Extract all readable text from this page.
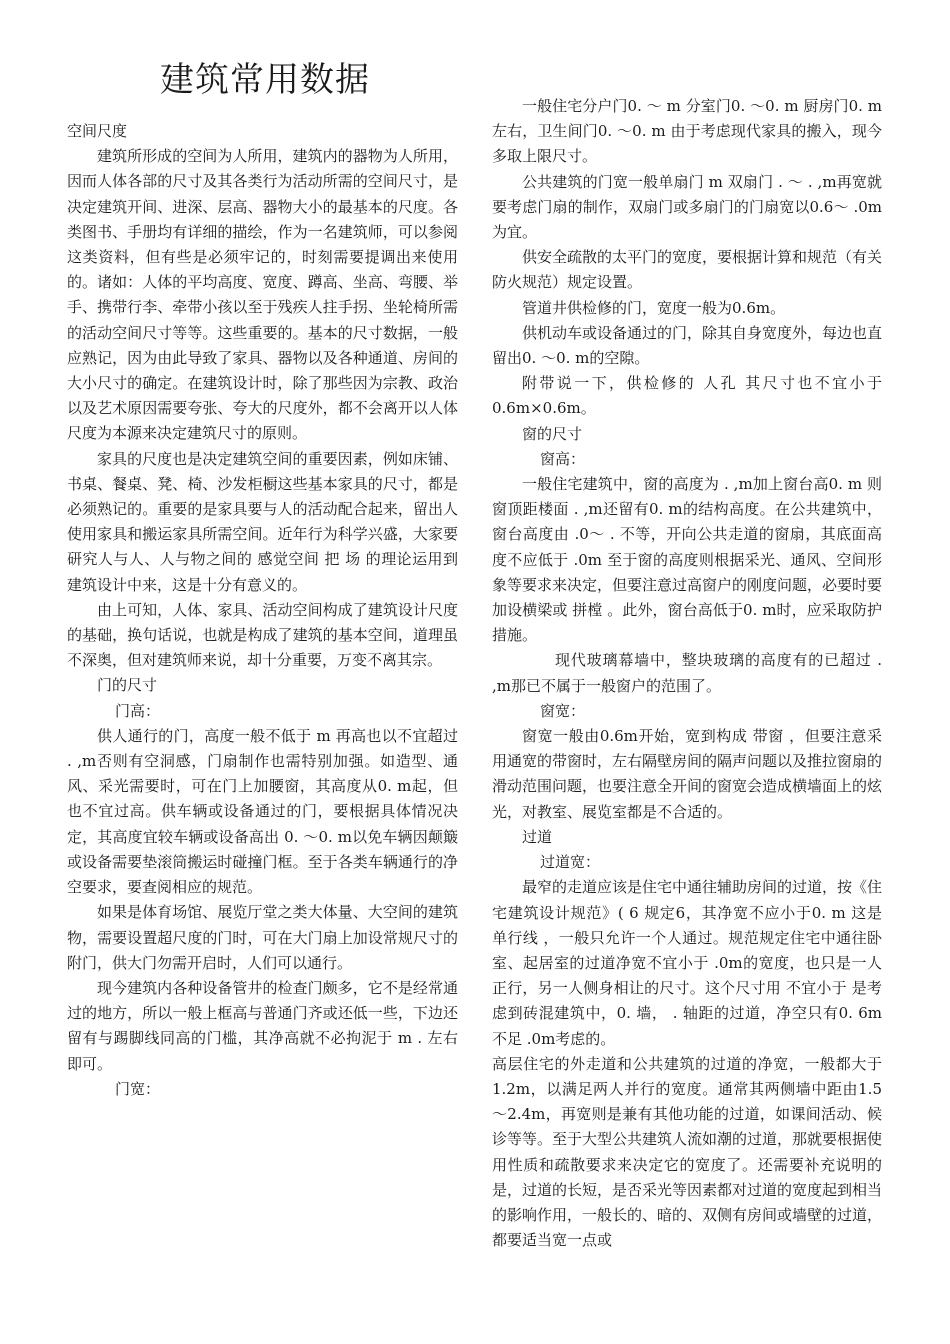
建筑常用数据

空间尺度

建筑所形成的空间为人所用，建筑内的器物为人所用，因而人体各部的尺寸及其各类行为活动所需的空间尺寸，是决定建筑开间、进深、层高、器物大小的最基本的尺度。各类图书、手册均有详细的描绘，作为一名建筑师，可以参阅这类资料，但有些是必须牢记的，时刻需要提调出来使用的。诸如：人体的平均高度、宽度、蹲高、坐高、弯腰、举手、携带行李、牵带小孩以至于残疾人拄手拐、坐轮椅所需的活动空间尺寸等等。这些重要的。基本的尺寸数据，一般应熟记，因为由此导致了家具、器物以及各种通道、房间的大小尺寸的确定。在建筑设计时，除了那些因为宗教、政治以及艺术原因需要夸张、夸大的尺度外，都不会离开以人体尺度为本源来决定建筑尺寸的原则。

家具的尺度也是决定建筑空间的重要因素，例如床铺、书桌、餐桌、凳、椅、沙发柜橱这些基本家具的尺寸，都是必须熟记的。重要的是家具要与人的活动配合起来，留出人使用家具和搬运家具所需空间。近年行为科学兴盛，大家要研究人与人、人与物之间的 感觉空间 把 场 的理论运用到建筑设计中来，这是十分有意义的。

由上可知，人体、家具、活动空间构成了建筑设计尺度的基础，换句话说，也就是构成了建筑的基本空间，道理虽不深奥，但对建筑师来说，却十分重要，万变不离其宗。

门的尺寸

门高：

供人通行的门，高度一般不低于 m 再高也以不宜超过 . ,m否则有空洞感，门扇制作也需特别加强。如造型、通风、采光需要时，可在门上加腰窗，其高度从0. m起，但也不宜过高。供车辆或设备通过的门，要根据具体情况决定，其高度宜较车辆或设备高出 0. ～0. m以免车辆因颠簸或设备需要垫滚筒搬运时碰撞门框。至于各类车辆通行的净空要求，要查阅相应的规范。

如果是体育场馆、展览厅堂之类大体量、大空间的建筑物，需要设置超尺度的门时，可在大门扇上加设常规尺寸的附门，供大门勿需开启时，人们可以通行。

现今建筑内各种设备管井的检查门颇多，它不是经常通过的地方，所以一般上框高与普通门齐或还低一些，下边还留有与踢脚线同高的门槛，其净高就不必拘泥于 m . 左右即可。

门宽：

一般住宅分户门0. ～ m 分室门0. ～0. m 厨房门0. m左右，卫生间门0. ～0. m 由于考虑现代家具的搬入，现今多取上限尺寸。

公共建筑的门宽一般单扇门 m 双扇门 . ～ . ,m再宽就要考虑门扇的制作，双扇门或多扇门的门扇宽以0.6～ .0m为宜。

供安全疏散的太平门的宽度，要根据计算和规范（有关防火规范）规定设置。

管道井供检修的门，宽度一般为0.6m。

供机动车或设备通过的门，除其自身宽度外，每边也直留出0. ～0. m的空隙。

附带说一下，供检修的 人孔 其尺寸也不宜小于0.6m×0.6m。

窗的尺寸

窗高：

一般住宅建筑中，窗的高度为 . ,m加上窗台高0. m 则窗顶距楼面 . ,m还留有0. m的结构高度。在公共建筑中，窗台高度由 .0～ . 不等，开向公共走道的窗扇，其底面高度不应低于 .0m 至于窗的高度则根据采光、通风、空间形象等要求来决定，但要注意过高窗户的刚度问题，必要时要加设横梁或 拼樘 。此外，窗台高低于0. m时，应采取防护措施。

现代玻璃幕墙中，整块玻璃的高度有的已超过 . ,m那已不属于一般窗户的范围了。

窗宽：

窗宽一般由0.6m开始，宽到构成 带窗 ，但要注意采用通宽的带窗时，左右隔壁房间的隔声问题以及推拉窗扇的滑动范围问题，也要注意全开间的窗宽会造成横墙面上的炫光，对教室、展览室都是不合适的。

过道

过道宽：

最窄的走道应该是住宅中通往辅助房间的过道，按《住宅建筑设计规范》( 6 规定6，其净宽不应小于0. m 这是 单行线 ，一般只允许一个人通过。规范规定住宅中通往卧室、起居室的过道净宽不宜小于 .0m的宽度，也只是一人正行，另一人侧身相让的尺寸。这个尺寸用 不宜小于 是考虑到砖混建筑中，0. 墙， . 轴距的过道，净空只有0. 6m 不足 .0m考虑的。

高层住宅的外走道和公共建筑的过道的净宽，一般都大于1.2m，以满足两人并行的宽度。通常其两侧墙中距由1.5～2.4m，再宽则是兼有其他功能的过道，如课间活动、候诊等等。至于大型公共建筑人流如潮的过道，那就要根据使用性质和疏散要求来决定它的宽度了。还需要补充说明的是，过道的长短，是否采光等因素都对过道的宽度起到相当的影响作用，一般长的、暗的、双侧有房间或墙壁的过道，都要适当宽一点或
